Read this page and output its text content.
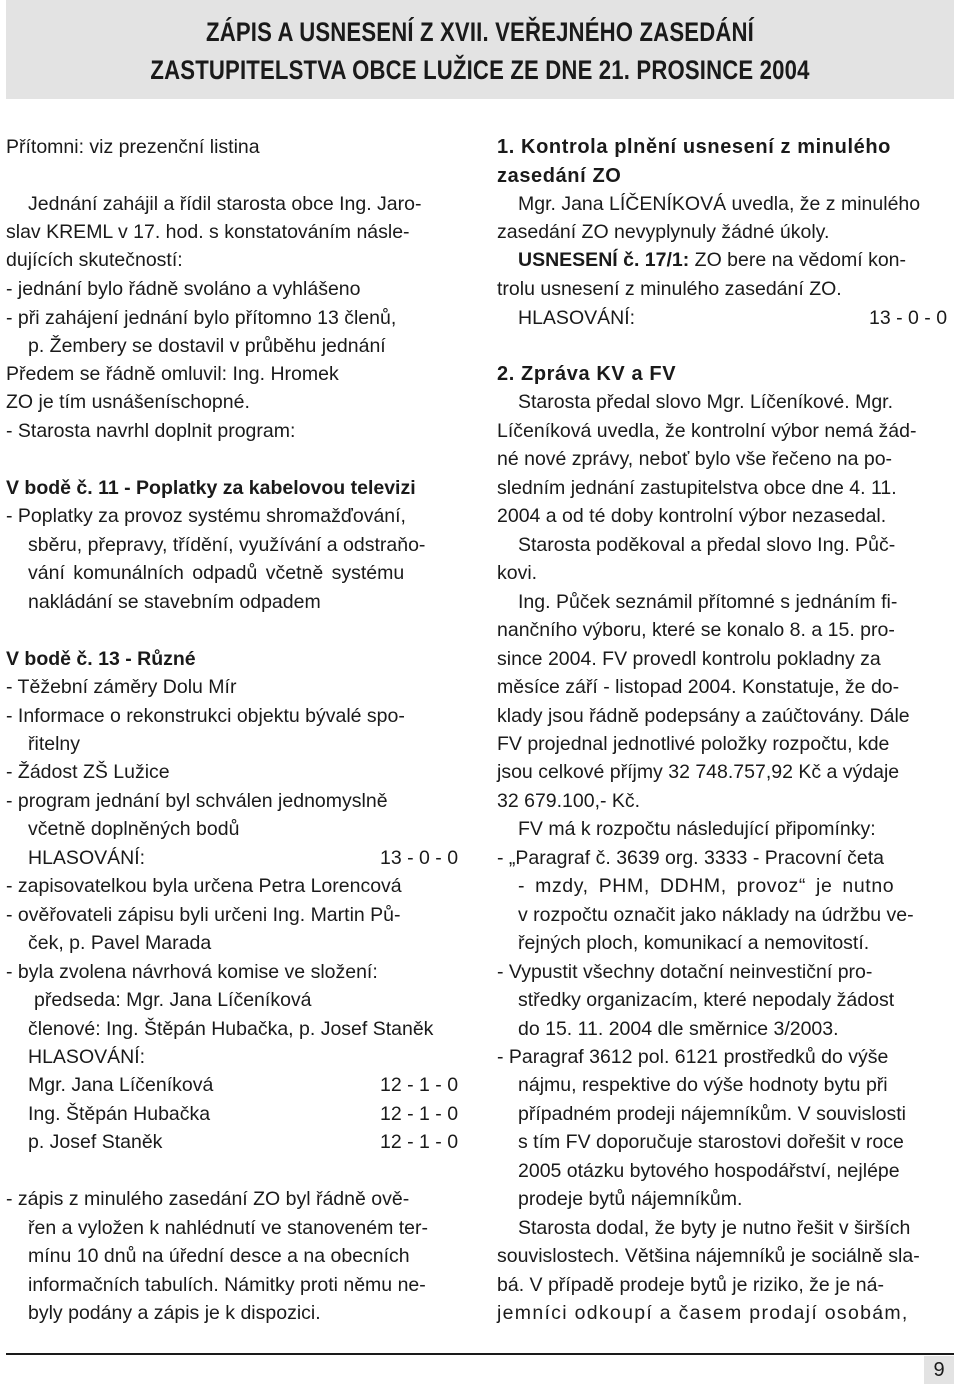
ZÁPIS A USNESENÍ Z XVII. VEŘEJNÉHO ZASEDÁNÍ
ZASTUPITELSTVA OBCE LUŽICE ZE DNE 21. PROSINCE 2004
Přítomni: viz prezenční listina
Jednání zahájil a řídil starosta obce Ing. Jaro-
slav KREML v 17. hod. s konstatováním násle-
dujících skutečností:
- jednání bylo řádně svoláno a vyhlášeno
- při zahájení jednání bylo přítomno 13 členů,
p. Žembery se dostavil v průběhu jednání
Předem se řádně omluvil: Ing. Hromek
ZO je tím usnášeníschopné.
- Starosta navrhl doplnit program:
V bodě č. 11 - Poplatky za kabelovou televizi
- Poplatky za provoz systému shromažďování,
sběru, přepravy, třídění, využívání a odstraňo-
vání komunálních odpadů včetně systému
nakládání se stavebním odpadem
V bodě č. 13 - Různé
- Těžební záměry Dolu Mír
- Informace o rekonstrukci objektu bývalé spo-
řitelny
- Žádost ZŠ Lužice
- program jednání byl schválen jednomyslně
včetně doplněných bodů
HLASOVÁNÍ:	13 - 0 - 0
- zapisovatelkou byla určena Petra Lorencová
- ověřovateli zápisu byli určeni Ing. Martin Pů-
ček, p. Pavel Marada
- byla zvolena návrhová komise ve složení:
předseda: Mgr. Jana Líčeníková
členové: Ing. Štěpán Hubačka, p. Josef Staněk
HLASOVÁNÍ:
Mgr. Jana Líčeníková	12 - 1 - 0
Ing. Štěpán Hubačka	12 - 1 - 0
p. Josef Staněk	12 - 1 - 0
- zápis z minulého zasedání ZO byl řádně ově-
řen a vyložen k nahlédnutí ve stanoveném ter-
mínu 10 dnů na úřední desce a na obecních
informačních tabulích. Námitky proti němu ne-
byly podány a zápis je k dispozici.
1. Kontrola plnění usnesení z minulého
zasedání ZO
Mgr. Jana LÍČENÍKOVÁ uvedla, že z minulého
zasedání ZO nevyplynuly žádné úkoly.
USNESENÍ č. 17/1: ZO bere na vědomí kon-
trolu usnesení z minulého zasedání ZO.
HLASOVÁNÍ:	13 - 0 - 0
2. Zpráva KV a FV
Starosta předal slovo Mgr. Líčeníkové. Mgr.
Líčeníková uvedla, že kontrolní výbor nemá žád-
né nové zprávy, neboť bylo vše řečeno na po-
sledním jednání zastupitelstva obce dne 4. 11.
2004 a od té doby kontrolní výbor nezasedal.
Starosta poděkoval a předal slovo Ing. Půč-
kovi.
Ing. Půček seznámil přítomné s jednáním fi-
nančního výboru, které se konalo 8. a 15. pro-
since 2004. FV provedl kontrolu pokladny za
měsíce září - listopad 2004. Konstatuje, že do-
klady jsou řádně podepsány a zaúčtovány. Dále
FV projednal jednotlivé položky rozpočtu, kde
jsou celkové příjmy 32 748.757,92 Kč a výdaje
32 679.100,- Kč.
FV má k rozpočtu následující připomínky:
- „Paragraf č. 3639 org. 3333 - Pracovní četa
- mzdy, PHM, DDHM, provoz“ je nutno
v rozpočtu označit jako náklady na údržbu ve-
řejných ploch, komunikací a nemovitostí.
- Vypustit všechny dotační neinvestiční pro-
středky organizacím, které nepodaly žádost
do 15. 11. 2004 dle směrnice 3/2003.
- Paragraf 3612 pol. 6121 prostředků do výše
nájmu, respektive do výše hodnoty bytu při
případném prodeji nájemníkům. V souvislosti
s tím FV doporučuje starostovi dořešit v roce
2005 otázku bytového hospodářství, nejlépe
prodeje bytů nájemníkům.
Starosta dodal, že byty je nutno řešit v širších
souvislostech. Většina nájemníků je sociálně sla-
bá. V případě prodeje bytů je riziko, že je ná-
jemníci odkoupí a časem prodají osobám,
9
